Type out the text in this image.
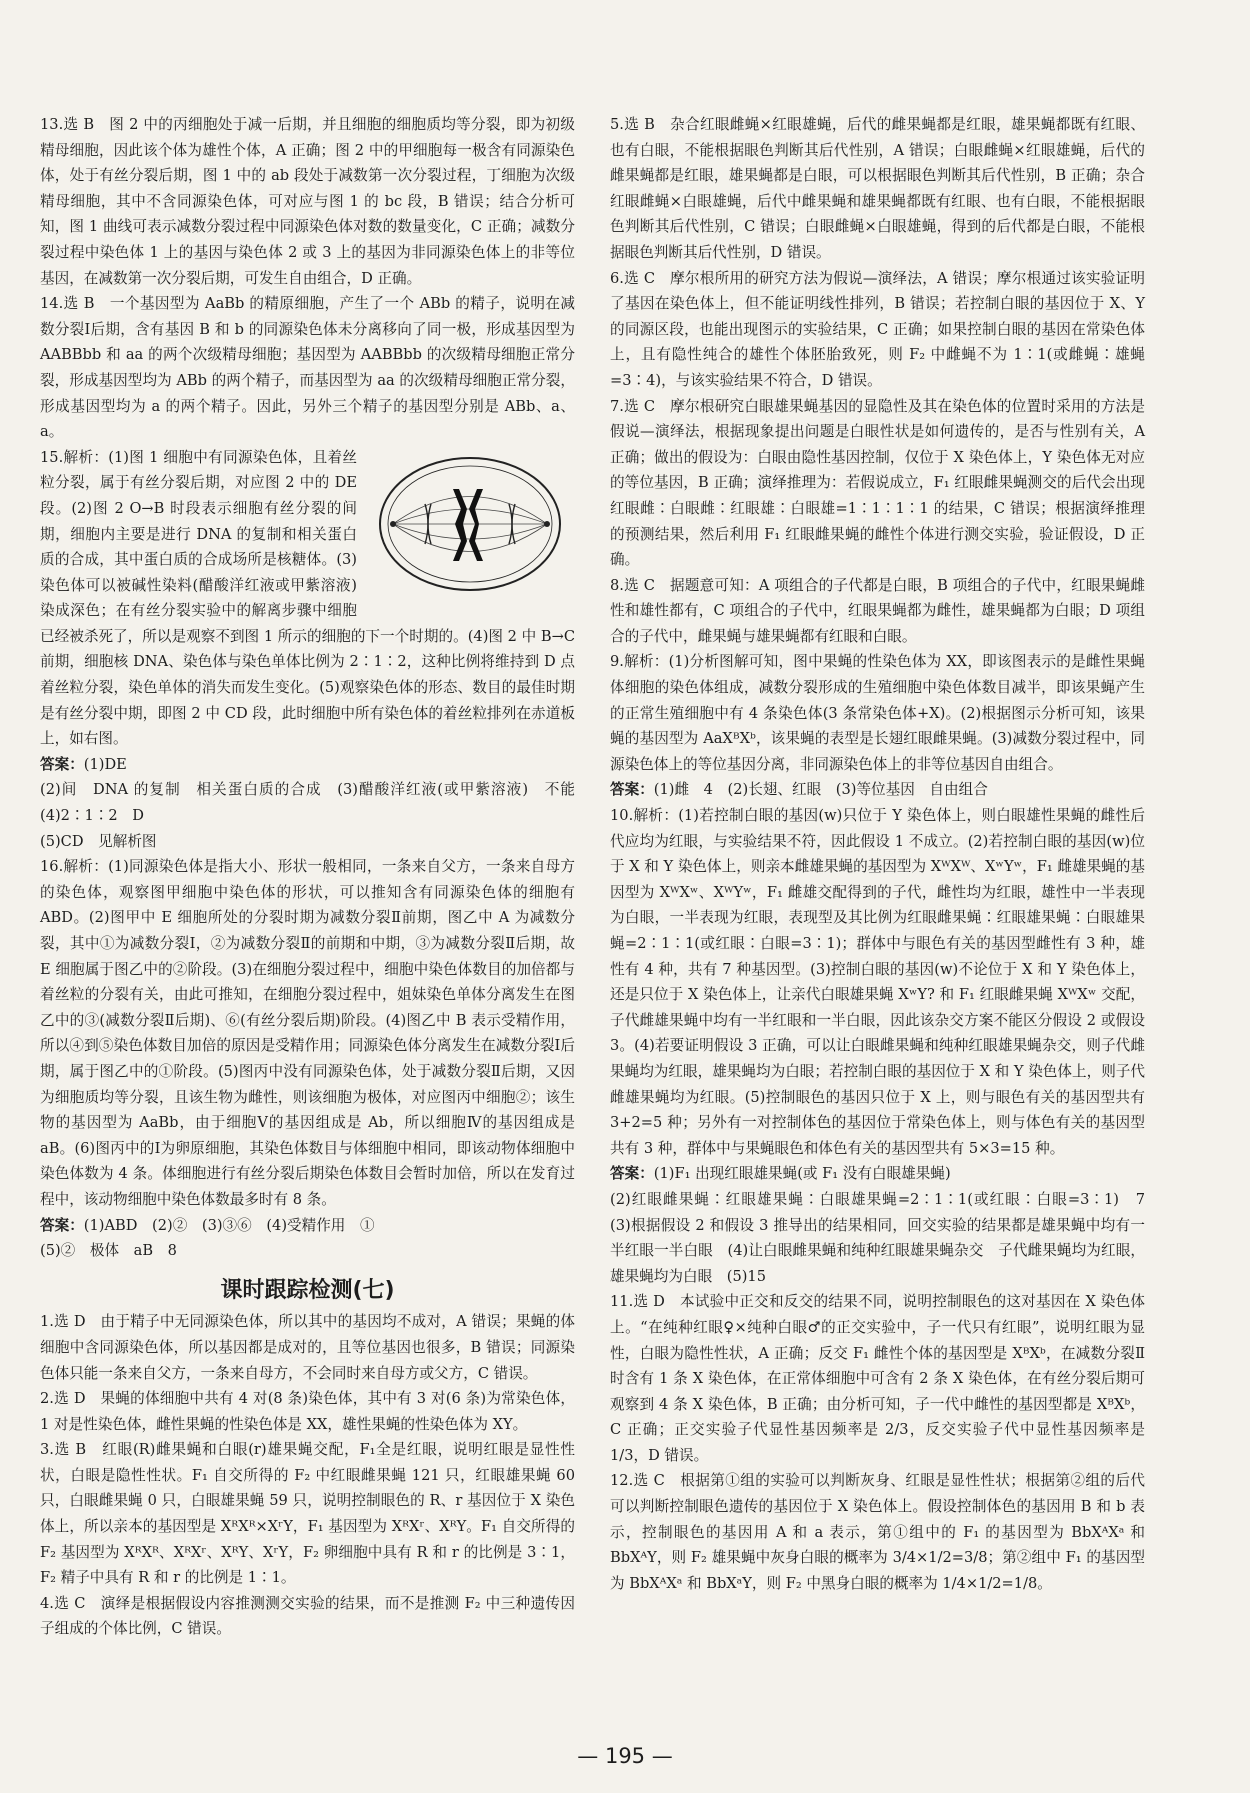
13.选 B　图 2 中的丙细胞处于减一后期，并且细胞的细胞质均等分裂，即为初级精母细胞，因此该个体为雄性个体，A 正确；图 2 中的甲细胞每一极含有同源染色体，处于有丝分裂后期，图 1 中的 ab 段处于减数第一次分裂过程，丁细胞为次级精母细胞，其中不含同源染色体，可对应与图 1 的 bc 段，B 错误；结合分析可知，图 1 曲线可表示减数分裂过程中同源染色体对数的数量变化，C 正确；减数分裂过程中染色体 1 上的基因与染色体 2 或 3 上的基因为非同源染色体上的非等位基因，在减数第一次分裂后期，可发生自由组合，D 正确。

14.选 B　一个基因型为 AaBb 的精原细胞，产生了一个 ABb 的精子，说明在减数分裂Ⅰ后期，含有基因 B 和 b 的同源染色体未分离移向了同一极，形成基因型为 AABBbb 和 aa 的两个次级精母细胞；基因型为 AABBbb 的次级精母细胞正常分裂，形成基因型均为 ABb 的两个精子，而基因型为 aa 的次级精母细胞正常分裂，形成基因型均为 a 的两个精子。因此，另外三个精子的基因型分别是 ABb、a、a。

15.解析：(1)图 1 细胞中有同源染色体，且着丝粒分裂，属于有丝分裂后期，对应图 2 中的 DE 段。(2)图 2 O→B 时段表示细胞有丝分裂的间期，细胞内主要是进行 DNA 的复制和相关蛋白质的合成，其中蛋白质的合成场所是核糖体。(3)染色体可以被碱性染料(醋酸洋红液或甲紫溶液)染成深色；在有丝分裂实验中的解离步骤中细胞已经被杀死了，所以是观察不到图 1 所示的细胞的下一个时期的。(4)图 2 中 B→C 前期，细胞核 DNA、染色体与染色单体比例为 2∶1∶2，这种比例将维持到 D 点着丝粒分裂，染色单体的消失而发生变化。(5)观察染色体的形态、数目的最佳时期是有丝分裂中期，即图 2 中 CD 段，此时细胞中所有染色体的着丝粒排列在赤道板上，如右图。

答案：(1)DE

(2)间　DNA 的复制　相关蛋白质的合成　(3)醋酸洋红液(或甲紫溶液)　不能　(4)2∶1∶2　D

(5)CD　见解析图

16.解析：(1)同源染色体是指大小、形状一般相同，一条来自父方，一条来自母方的染色体，观察图甲细胞中染色体的形状，可以推知含有同源染色体的细胞有 ABD。(2)图甲中 E 细胞所处的分裂时期为减数分裂Ⅱ前期，图乙中 A 为减数分裂，其中①为减数分裂Ⅰ，②为减数分裂Ⅱ的前期和中期，③为减数分裂Ⅱ后期，故 E 细胞属于图乙中的②阶段。(3)在细胞分裂过程中，细胞中染色体数目的加倍都与着丝粒的分裂有关，由此可推知，在细胞分裂过程中，姐妹染色单体分离发生在图乙中的③(减数分裂Ⅱ后期)、⑥(有丝分裂后期)阶段。(4)图乙中 B 表示受精作用，所以④到⑤染色体数目加倍的原因是受精作用；同源染色体分离发生在减数分裂Ⅰ后期，属于图乙中的①阶段。(5)图丙中没有同源染色体，处于减数分裂Ⅱ后期，又因为细胞质均等分裂，且该生物为雌性，则该细胞为极体，对应图丙中细胞②；该生物的基因型为 AaBb，由于细胞Ⅴ的基因组成是 Ab，所以细胞Ⅳ的基因组成是 aB。(6)图丙中的Ⅰ为卵原细胞，其染色体数目与体细胞中相同，即该动物体细胞中染色体数为 4 条。体细胞进行有丝分裂后期染色体数目会暂时加倍，所以在发育过程中，该动物细胞中染色体数最多时有 8 条。

答案：(1)ABD　(2)②　(3)③⑥　(4)受精作用　①

(5)②　极体　aB　8

课时跟踪检测(七)

1.选 D　由于精子中无同源染色体，所以其中的基因均不成对，A 错误；果蝇的体细胞中含同源染色体，所以基因都是成对的，且等位基因也很多，B 错误；同源染色体只能一条来自父方，一条来自母方，不会同时来自母方或父方，C 错误。

2.选 D　果蝇的体细胞中共有 4 对(8 条)染色体，其中有 3 对(6 条)为常染色体，1 对是性染色体，雌性果蝇的性染色体是 XX，雄性果蝇的性染色体为 XY。

3.选 B　红眼(R)雌果蝇和白眼(r)雄果蝇交配，F₁全是红眼，说明红眼是显性性状，白眼是隐性性状。F₁ 自交所得的 F₂ 中红眼雌果蝇 121 只，红眼雄果蝇 60 只，白眼雌果蝇 0 只，白眼雄果蝇 59 只，说明控制眼色的 R、r 基因位于 X 染色体上，所以亲本的基因型是 XᴿXᴿ×XʳY，F₁ 基因型为 XᴿXʳ、XᴿY。F₁ 自交所得的 F₂ 基因型为 XᴿXᴿ、XᴿXʳ、XᴿY、XʳY，F₂ 卵细胞中具有 R 和 r 的比例是 3∶1，F₂ 精子中具有 R 和 r 的比例是 1∶1。

4.选 C　演绎是根据假设内容推测测交实验的结果，而不是推测 F₂ 中三种遗传因子组成的个体比例，C 错误。

5.选 B　杂合红眼雌蝇×红眼雄蝇，后代的雌果蝇都是红眼，雄果蝇都既有红眼、也有白眼，不能根据眼色判断其后代性别，A 错误；白眼雌蝇×红眼雄蝇，后代的雌果蝇都是红眼，雄果蝇都是白眼，可以根据眼色判断其后代性别，B 正确；杂合红眼雌蝇×白眼雄蝇，后代中雌果蝇和雄果蝇都既有红眼、也有白眼，不能根据眼色判断其后代性别，C 错误；白眼雌蝇×白眼雄蝇，得到的后代都是白眼，不能根据眼色判断其后代性别，D 错误。

6.选 C　摩尔根所用的研究方法为假说—演绎法，A 错误；摩尔根通过该实验证明了基因在染色体上，但不能证明线性排列，B 错误；若控制白眼的基因位于 X、Y 的同源区段，也能出现图示的实验结果，C 正确；如果控制白眼的基因在常染色体上，且有隐性纯合的雄性个体胚胎致死，则 F₂ 中雌蝇不为 1∶1(或雌蝇∶雄蝇=3∶4)，与该实验结果不符合，D 错误。

7.选 C　摩尔根研究白眼雄果蝇基因的显隐性及其在染色体的位置时采用的方法是假说—演绎法，根据现象提出问题是白眼性状是如何遗传的，是否与性别有关，A 正确；做出的假设为：白眼由隐性基因控制，仅位于 X 染色体上，Y 染色体无对应的等位基因，B 正确；演绎推理为：若假说成立，F₁ 红眼雌果蝇测交的后代会出现红眼雌∶白眼雌∶红眼雄∶白眼雄=1∶1∶1∶1 的结果，C 错误；根据演绎推理的预测结果，然后利用 F₁ 红眼雌果蝇的雌性个体进行测交实验，验证假设，D 正确。

8.选 C　据题意可知：A 项组合的子代都是白眼，B 项组合的子代中，红眼果蝇雌性和雄性都有，C 项组合的子代中，红眼果蝇都为雌性，雄果蝇都为白眼；D 项组合的子代中，雌果蝇与雄果蝇都有红眼和白眼。

9.解析：(1)分析图解可知，图中果蝇的性染色体为 XX，即该图表示的是雌性果蝇体细胞的染色体组成，减数分裂形成的生殖细胞中染色体数目减半，即该果蝇产生的正常生殖细胞中有 4 条染色体(3 条常染色体+X)。(2)根据图示分析可知，该果蝇的基因型为 AaXᴮXᵇ，该果蝇的表型是长翅红眼雌果蝇。(3)减数分裂过程中，同源染色体上的等位基因分离，非同源染色体上的非等位基因自由组合。

答案：(1)雌　4　(2)长翅、红眼　(3)等位基因　自由组合

10.解析：(1)若控制白眼的基因(w)只位于 Y 染色体上，则白眼雄性果蝇的雌性后代应均为红眼，与实验结果不符，因此假设 1 不成立。(2)若控制白眼的基因(w)位于 X 和 Y 染色体上，则亲本雌雄果蝇的基因型为 XᵂXᵂ、XʷYʷ，F₁ 雌雄果蝇的基因型为 XᵂXʷ、XᵂYʷ，F₁ 雌雄交配得到的子代，雌性均为红眼，雄性中一半表现为白眼，一半表现为红眼，表现型及其比例为红眼雌果蝇∶红眼雄果蝇∶白眼雄果蝇=2∶1∶1(或红眼∶白眼=3∶1)；群体中与眼色有关的基因型雌性有 3 种，雄性有 4 种，共有 7 种基因型。(3)控制白眼的基因(w)不论位于 X 和 Y 染色体上，还是只位于 X 染色体上，让亲代白眼雄果蝇 XʷY? 和 F₁ 红眼雌果蝇 XᵂXʷ 交配，子代雌雄果蝇中均有一半红眼和一半白眼，因此该杂交方案不能区分假设 2 或假设 3。(4)若要证明假设 3 正确，可以让白眼雌果蝇和纯种红眼雄果蝇杂交，则子代雌果蝇均为红眼，雄果蝇均为白眼；若控制白眼的基因位于 X 和 Y 染色体上，则子代雌雄果蝇均为红眼。(5)控制眼色的基因只位于 X 上，则与眼色有关的基因型共有 3+2=5 种；另外有一对控制体色的基因位于常染色体上，则与体色有关的基因型共有 3 种，群体中与果蝇眼色和体色有关的基因型共有 5×3=15 种。

答案：(1)F₁ 出现红眼雄果蝇(或 F₁ 没有白眼雄果蝇)

(2)红眼雌果蝇∶红眼雄果蝇∶白眼雄果蝇=2∶1∶1(或红眼∶白眼=3∶1)　7　(3)根据假设 2 和假设 3 推导出的结果相同，回交实验的结果都是雄果蝇中均有一半红眼一半白眼　(4)让白眼雌果蝇和纯种红眼雄果蝇杂交　子代雌果蝇均为红眼，雄果蝇均为白眼　(5)15

11.选 D　本试验中正交和反交的结果不同，说明控制眼色的这对基因在 X 染色体上。“在纯种红眼♀×纯种白眼♂的正交实验中，子一代只有红眼”，说明红眼为显性，白眼为隐性性状，A 正确；反交 F₁ 雌性个体的基因型是 XᴮXᵇ，在减数分裂Ⅱ时含有 1 条 X 染色体，在正常体细胞中可含有 2 条 X 染色体，在有丝分裂后期可观察到 4 条 X 染色体，B 正确；由分析可知，子一代中雌性的基因型都是 XᴮXᵇ，C 正确；正交实验子代显性基因频率是 2/3，反交实验子代中显性基因频率是 1/3，D 错误。

12.选 C　根据第①组的实验可以判断灰身、红眼是显性性状；根据第②组的后代可以判断控制眼色遗传的基因位于 X 染色体上。假设控制体色的基因用 B 和 b 表示，控制眼色的基因用 A 和 a 表示，第①组中的 F₁ 的基因型为 BbXᴬXᵃ 和 BbXᴬY，则 F₂ 雄果蝇中灰身白眼的概率为 3/4×1/2=3/8；第②组中 F₁ 的基因型为 BbXᴬXᵃ 和 BbXᵃY，则 F₂ 中黑身白眼的概率为 1/4×1/2=1/8。

— 195 —
